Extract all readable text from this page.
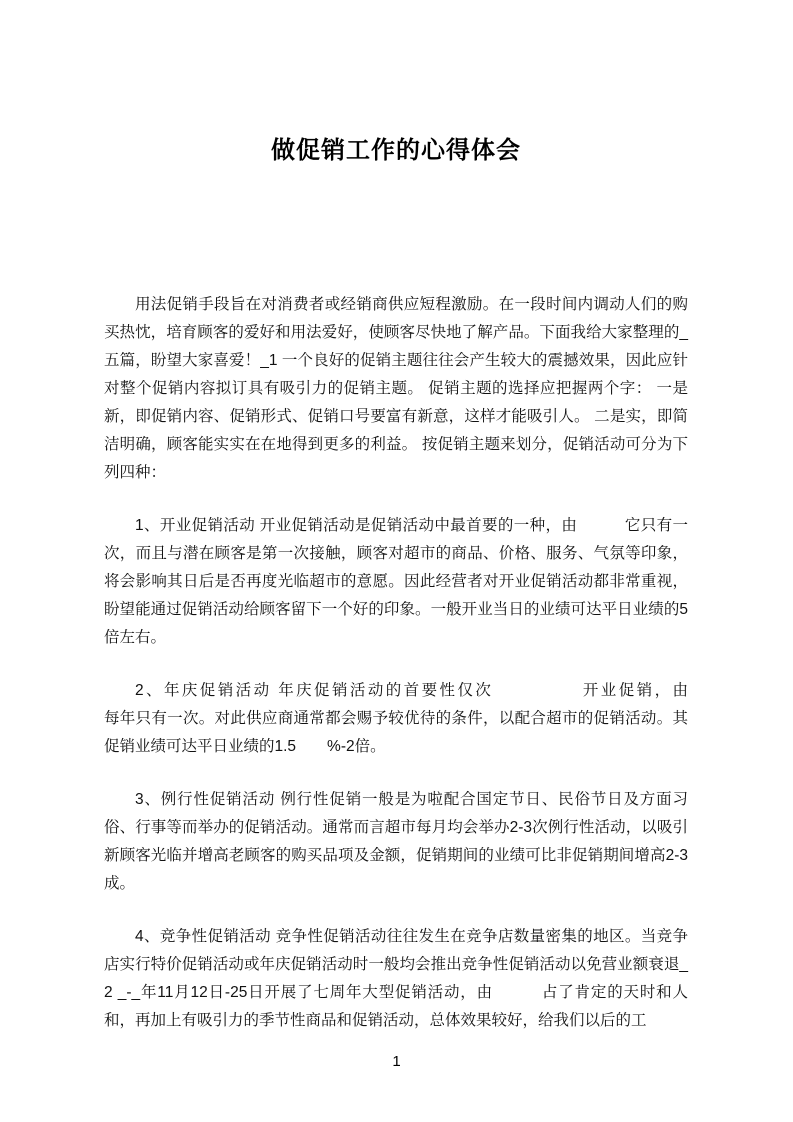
做促销工作的心得体会

用法促销手段旨在对消费者或经销商供应短程激励。在一段时间内调动人们的购买热忱，培育顾客的爱好和用法爱好，使顾客尽快地了解产品。下面我给大家整理的_五篇，盼望大家喜爱！_1 一个良好的促销主题往往会产生较大的震撼效果，因此应针对整个促销内容拟订具有吸引力的促销主题。 促销主题的选择应把握两个字： 一是新，即促销内容、促销形式、促销口号要富有新意，这样才能吸引人。 二是实，即简洁明确，顾客能实实在在地得到更多的利益。 按促销主题来划分，促销活动可分为下列四种：

1、开业促销活动 开业促销活动是促销活动中最首要的一种，由　　　它只有一次，而且与潜在顾客是第一次接触，顾客对超市的商品、价格、服务、气氛等印象，将会影响其日后是否再度光临超市的意愿。因此经营者对开业促销活动都非常重视，盼望能通过促销活动给顾客留下一个好的印象。一般开业当日的业绩可达平日业绩的5 倍左右。

2、年庆促销活动 年庆促销活动的首要性仅次　　　　　开业促销，由　　　　每年只有一次。对此供应商通常都会赐予较优待的条件，以配合超市的促销活动。其促销业绩可达平日业绩的1.5　　%-2倍。

3、例行性促销活动 例行性促销一般是为啦配合国定节日、民俗节日及方面习俗、行事等而举办的促销活动。通常而言超市每月均会举办2-3次例行性活动，以吸引新顾客光临并增高老顾客的购买品项及金额，促销期间的业绩可比非促销期间增高2-3成。

4、竞争性促销活动 竞争性促销活动往往发生在竞争店数量密集的地区。当竞争店实行特价促销活动或年庆促销活动时一般均会推出竞争性促销活动以免营业额衰退_2 _-_年11月12日-25日开展了七周年大型促销活动，由　　　占了肯定的天时和人和，再加上有吸引力的季节性商品和促销活动，总体效果较好，给我们以后的工

1
